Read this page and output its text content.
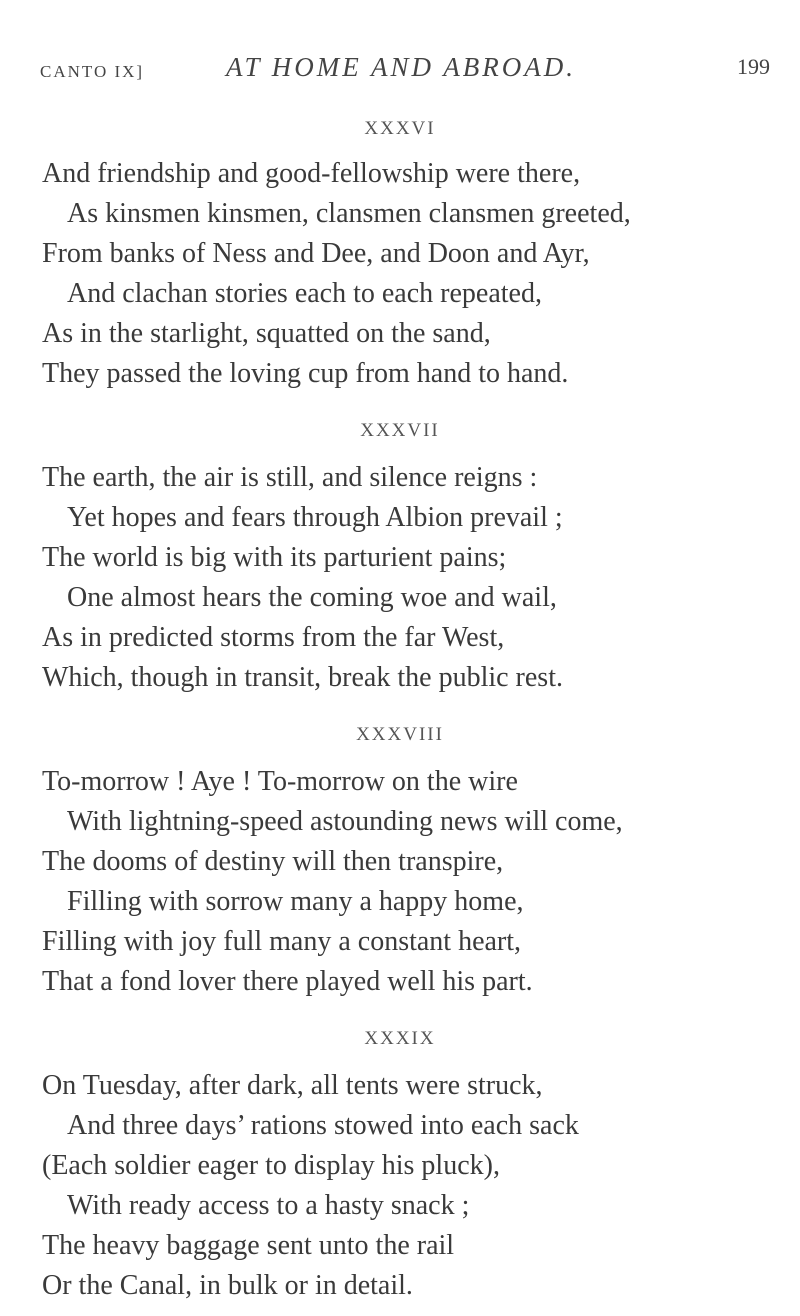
CANTO IX]	AT HOME AND ABROAD.	199
XXXVI
And friendship and good-fellowship were there,
As kinsmen kinsmen, clansmen clansmen greeted,
From banks of Ness and Dee, and Doon and Ayr,
And clachan stories each to each repeated,
As in the starlight, squatted on the sand,
They passed the loving cup from hand to hand.
XXXVII
The earth, the air is still, and silence reigns :
Yet hopes and fears through Albion prevail ;
The world is big with its parturient pains;
One almost hears the coming woe and wail,
As in predicted storms from the far West,
Which, though in transit, break the public rest.
XXXVIII
To-morrow ! Aye ! To-morrow on the wire
With lightning-speed astounding news will come,
The dooms of destiny will then transpire,
Filling with sorrow many a happy home,
Filling with joy full many a constant heart,
That a fond lover there played well his part.
XXXIX
On Tuesday, after dark, all tents were struck,
And three days’ rations stowed into each sack
(Each soldier eager to display his pluck),
With ready access to a hasty snack ;
The heavy baggage sent unto the rail
Or the Canal, in bulk or in detail.
